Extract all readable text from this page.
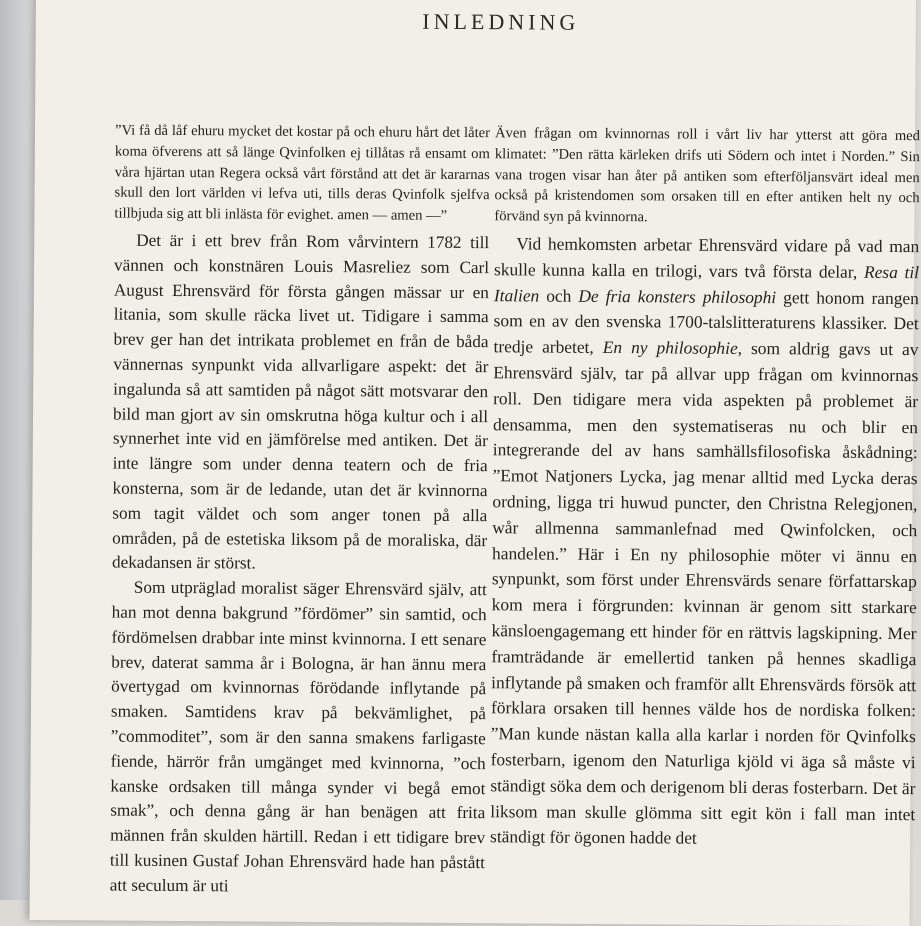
INLEDNING

”Vi få då låf ehuru mycket det kostar på och ehuru hårt det låter koma öfverens att så länge Qvinfolken ej tillåtas rå ensamt om våra hjärtan utan Regera också vårt förstånd att det är kararnas skull den lort världen vi lefva uti, tills deras Qvinfolk sjelfva tillbjuda sig att bli inlästa för evighet. amen — amen —”

Det är i ett brev från Rom vårvintern 1782 till vännen och konstnären Louis Masreliez som Carl August Ehrensvärd för första gången mässar ur en litania, som skulle räcka livet ut. Tidigare i samma brev ger han det intrikata problemet en från de båda vännernas synpunkt vida allvarligare aspekt: det är ingalunda så att samtiden på något sätt motsvarar den bild man gjort av sin omskrutna höga kultur och i all synnerhet inte vid en jämförelse med antiken. Det är inte längre som under denna teatern och de fria konsterna, som är de ledande, utan det är kvinnorna som tagit väldet och som anger tonen på alla områden, på de estetiska liksom på de moraliska, där dekadansen är störst.

Som utpräglad moralist säger Ehrensvärd själv, att han mot denna bakgrund ”fördömer” sin samtid, och fördömelsen drabbar inte minst kvinnorna. I ett senare brev, daterat samma år i Bologna, är han ännu mera övertygad om kvinnornas förödande inflytande på smaken. Samtidens krav på bekvämlighet, på ”commoditet”, som är den sanna smakens farligaste fiende, härrör från umgänget med kvinnorna, ”och kanske ordsaken till många synder vi begå emot smak”, och denna gång är han benägen att frita männen från skulden härtill. Redan i ett tidigare brev till kusinen Gustaf Johan Ehrensvärd hade han påstått att seculum är uti

Även frågan om kvinnornas roll i vårt liv har ytterst att göra med klimatet: ”Den rätta kärleken drifs uti Södern och intet i Norden.” Sin vana trogen visar han åter på antiken som efterföljansvärt ideal men också på kristendomen som orsaken till en efter antiken helt ny och förvänd syn på kvinnorna.

Vid hemkomsten arbetar Ehrensvärd vidare på vad man skulle kunna kalla en trilogi, vars två första delar, Resa til Italien och De fria konsters philosophi gett honom rangen som en av den svenska 1700-talslitteraturens klassiker. Det tredje arbetet, En ny philosophie, som aldrig gavs ut av Ehrensvärd själv, tar på allvar upp frågan om kvinnornas roll. Den tidigare mera vida aspekten på problemet är densamma, men den systematiseras nu och blir en integrerande del av hans samhällsfilosofiska åskådning: ”Emot Natjoners Lycka, jag menar alltid med Lycka deras ordning, ligga tri huwud puncter, den Christna Relegjonen, wår allmenna sammanlefnad med Qwinfolcken, och handelen.” Här i En ny philosophie möter vi ännu en synpunkt, som först under Ehrensvärds senare författarskap kom mera i förgrunden: kvinnan är genom sitt starkare känsloengagemang ett hinder för en rättvis lagskipning. Mer framträdande är emellertid tanken på hennes skadliga inflytande på smaken och framför allt Ehrensvärds försök att förklara orsaken till hennes välde hos de nordiska folken: ”Man kunde nästan kalla alla karlar i norden för Qvinfolks fosterbarn, igenom den Naturliga kjöld vi äga så måste vi ständigt söka dem och derigenom bli deras fosterbarn. Det är liksom man skulle glömma sitt egit kön i fall man intet ständigt för ögonen hadde det
